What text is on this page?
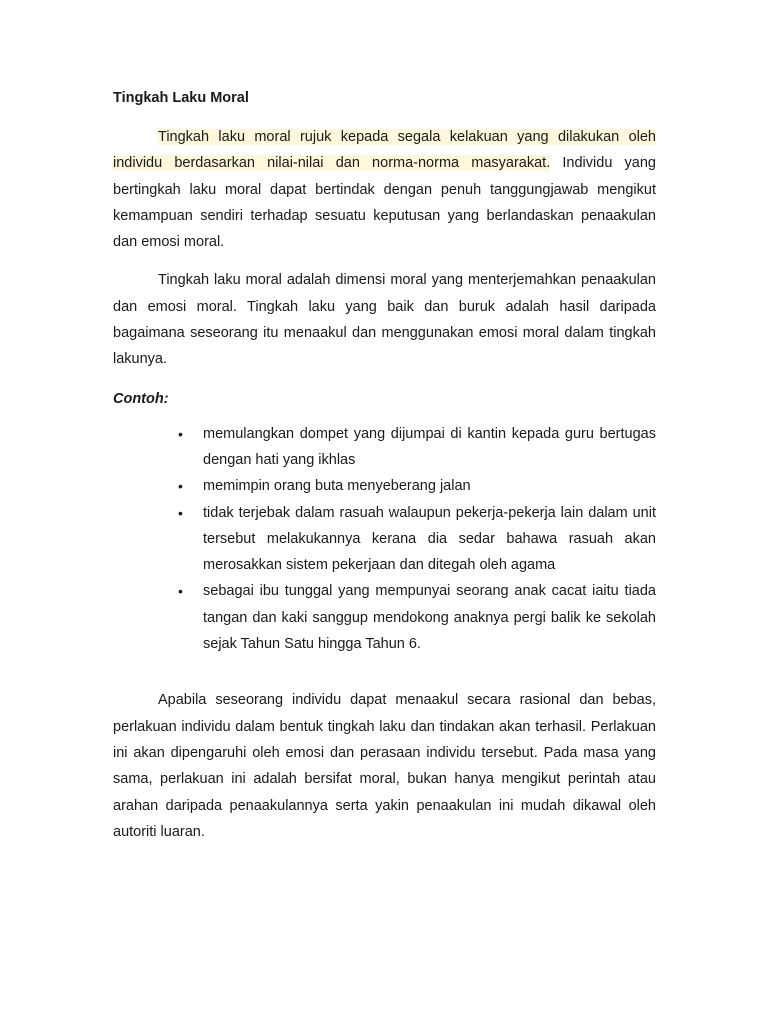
Tingkah Laku Moral

Tingkah laku moral rujuk kepada segala kelakuan yang dilakukan oleh individu berdasarkan nilai-nilai dan norma-norma masyarakat. Individu yang bertingkah laku moral dapat bertindak dengan penuh tanggungjawab mengikut kemampuan sendiri terhadap sesuatu keputusan yang berlandaskan penaakulan dan emosi moral.

Tingkah laku moral adalah dimensi moral yang menterjemahkan penaakulan dan emosi moral. Tingkah laku yang baik dan buruk adalah hasil daripada bagaimana seseorang itu menaakul dan menggunakan emosi moral dalam tingkah lakunya.

Contoh:
• memulangkan dompet yang dijumpai di kantin kepada guru bertugas dengan hati yang ikhlas
• memimpin orang buta menyeberang jalan
• tidak terjebak dalam rasuah walaupun pekerja-pekerja lain dalam unit tersebut melakukannya kerana dia sedar bahawa rasuah akan merosakkan sistem pekerjaan dan ditegah oleh agama
• sebagai ibu tunggal yang mempunyai seorang anak cacat iaitu tiada tangan dan kaki sanggup mendokong anaknya pergi balik ke sekolah sejak Tahun Satu hingga Tahun 6.

Apabila seseorang individu dapat menaakul secara rasional dan bebas, perlakuan individu dalam bentuk tingkah laku dan tindakan akan terhasil. Perlakuan ini akan dipengaruhi oleh emosi dan perasaan individu tersebut. Pada masa yang sama, perlakuan ini adalah bersifat moral, bukan hanya mengikut perintah atau arahan daripada penaakulannya serta yakin penaakulan ini mudah dikawal oleh autoriti luaran.
